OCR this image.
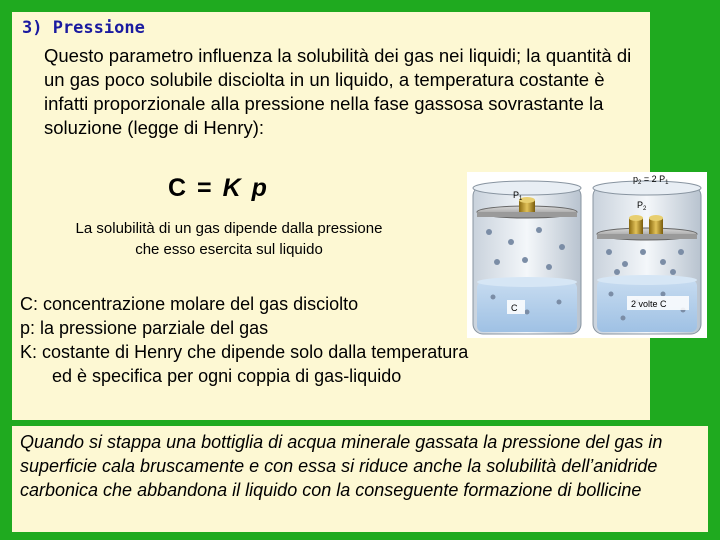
3) Pressione

Questo parametro influenza la solubilità dei gas nei liquidi; la quantità di un gas poco solubile disciolta in un liquido, a temperatura costante è infatti proporzionale alla pressione nella fase gassosa sovrastante la soluzione (legge di Henry):

C = K p

La solubilità di un gas dipende dalla pressione che esso esercita sul liquido

C: concentrazione molare del gas disciolto
p: la pressione parziale del gas
K: costante di Henry che dipende solo dalla temperatura ed è specifica per ogni coppia di gas-liquido
$P_1$
C
$P_2$
2 volte C
$p_2 = 2$ $P_1$

Quando si stappa una bottiglia di acqua minerale gassata la pressione del gas in superficie cala bruscamente e con essa si riduce anche la solubilità dell’anidride carbonica che abbandona il liquido con la conseguente formazione di bollicine
